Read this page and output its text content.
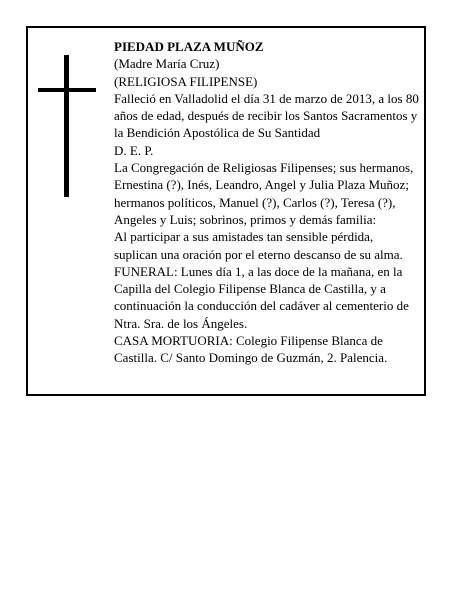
PIEDAD PLAZA MUÑOZ

(Madre María Cruz)

(RELIGIOSA FILIPENSE)

Falleció en Valladolid el día 31 de marzo de 2013, a los 80 años de edad, después de recibir los Santos Sacramentos y la Bendición Apostólica de Su Santidad

D. E. P.

La Congregación de Religiosas Filipenses; sus hermanos, Ernestina (?), Inés, Leandro, Angel y Julia Plaza Muñoz; hermanos políticos, Manuel (?), Carlos (?), Teresa (?), Angeles y Luis; sobrinos, primos y demás familia:

Al participar a sus amistades tan sensible pérdida, suplican una oración por el eterno descanso de su alma.

FUNERAL: Lunes día 1, a las doce de la mañana, en la Capilla del Colegio Filipense Blanca de Castilla, y a continuación la conducción del cadáver al cementerio de Ntra. Sra. de los Ángeles.

CASA MORTUORIA: Colegio Filipense Blanca de Castilla. C/ Santo Domingo de Guzmán, 2. Palencia.
